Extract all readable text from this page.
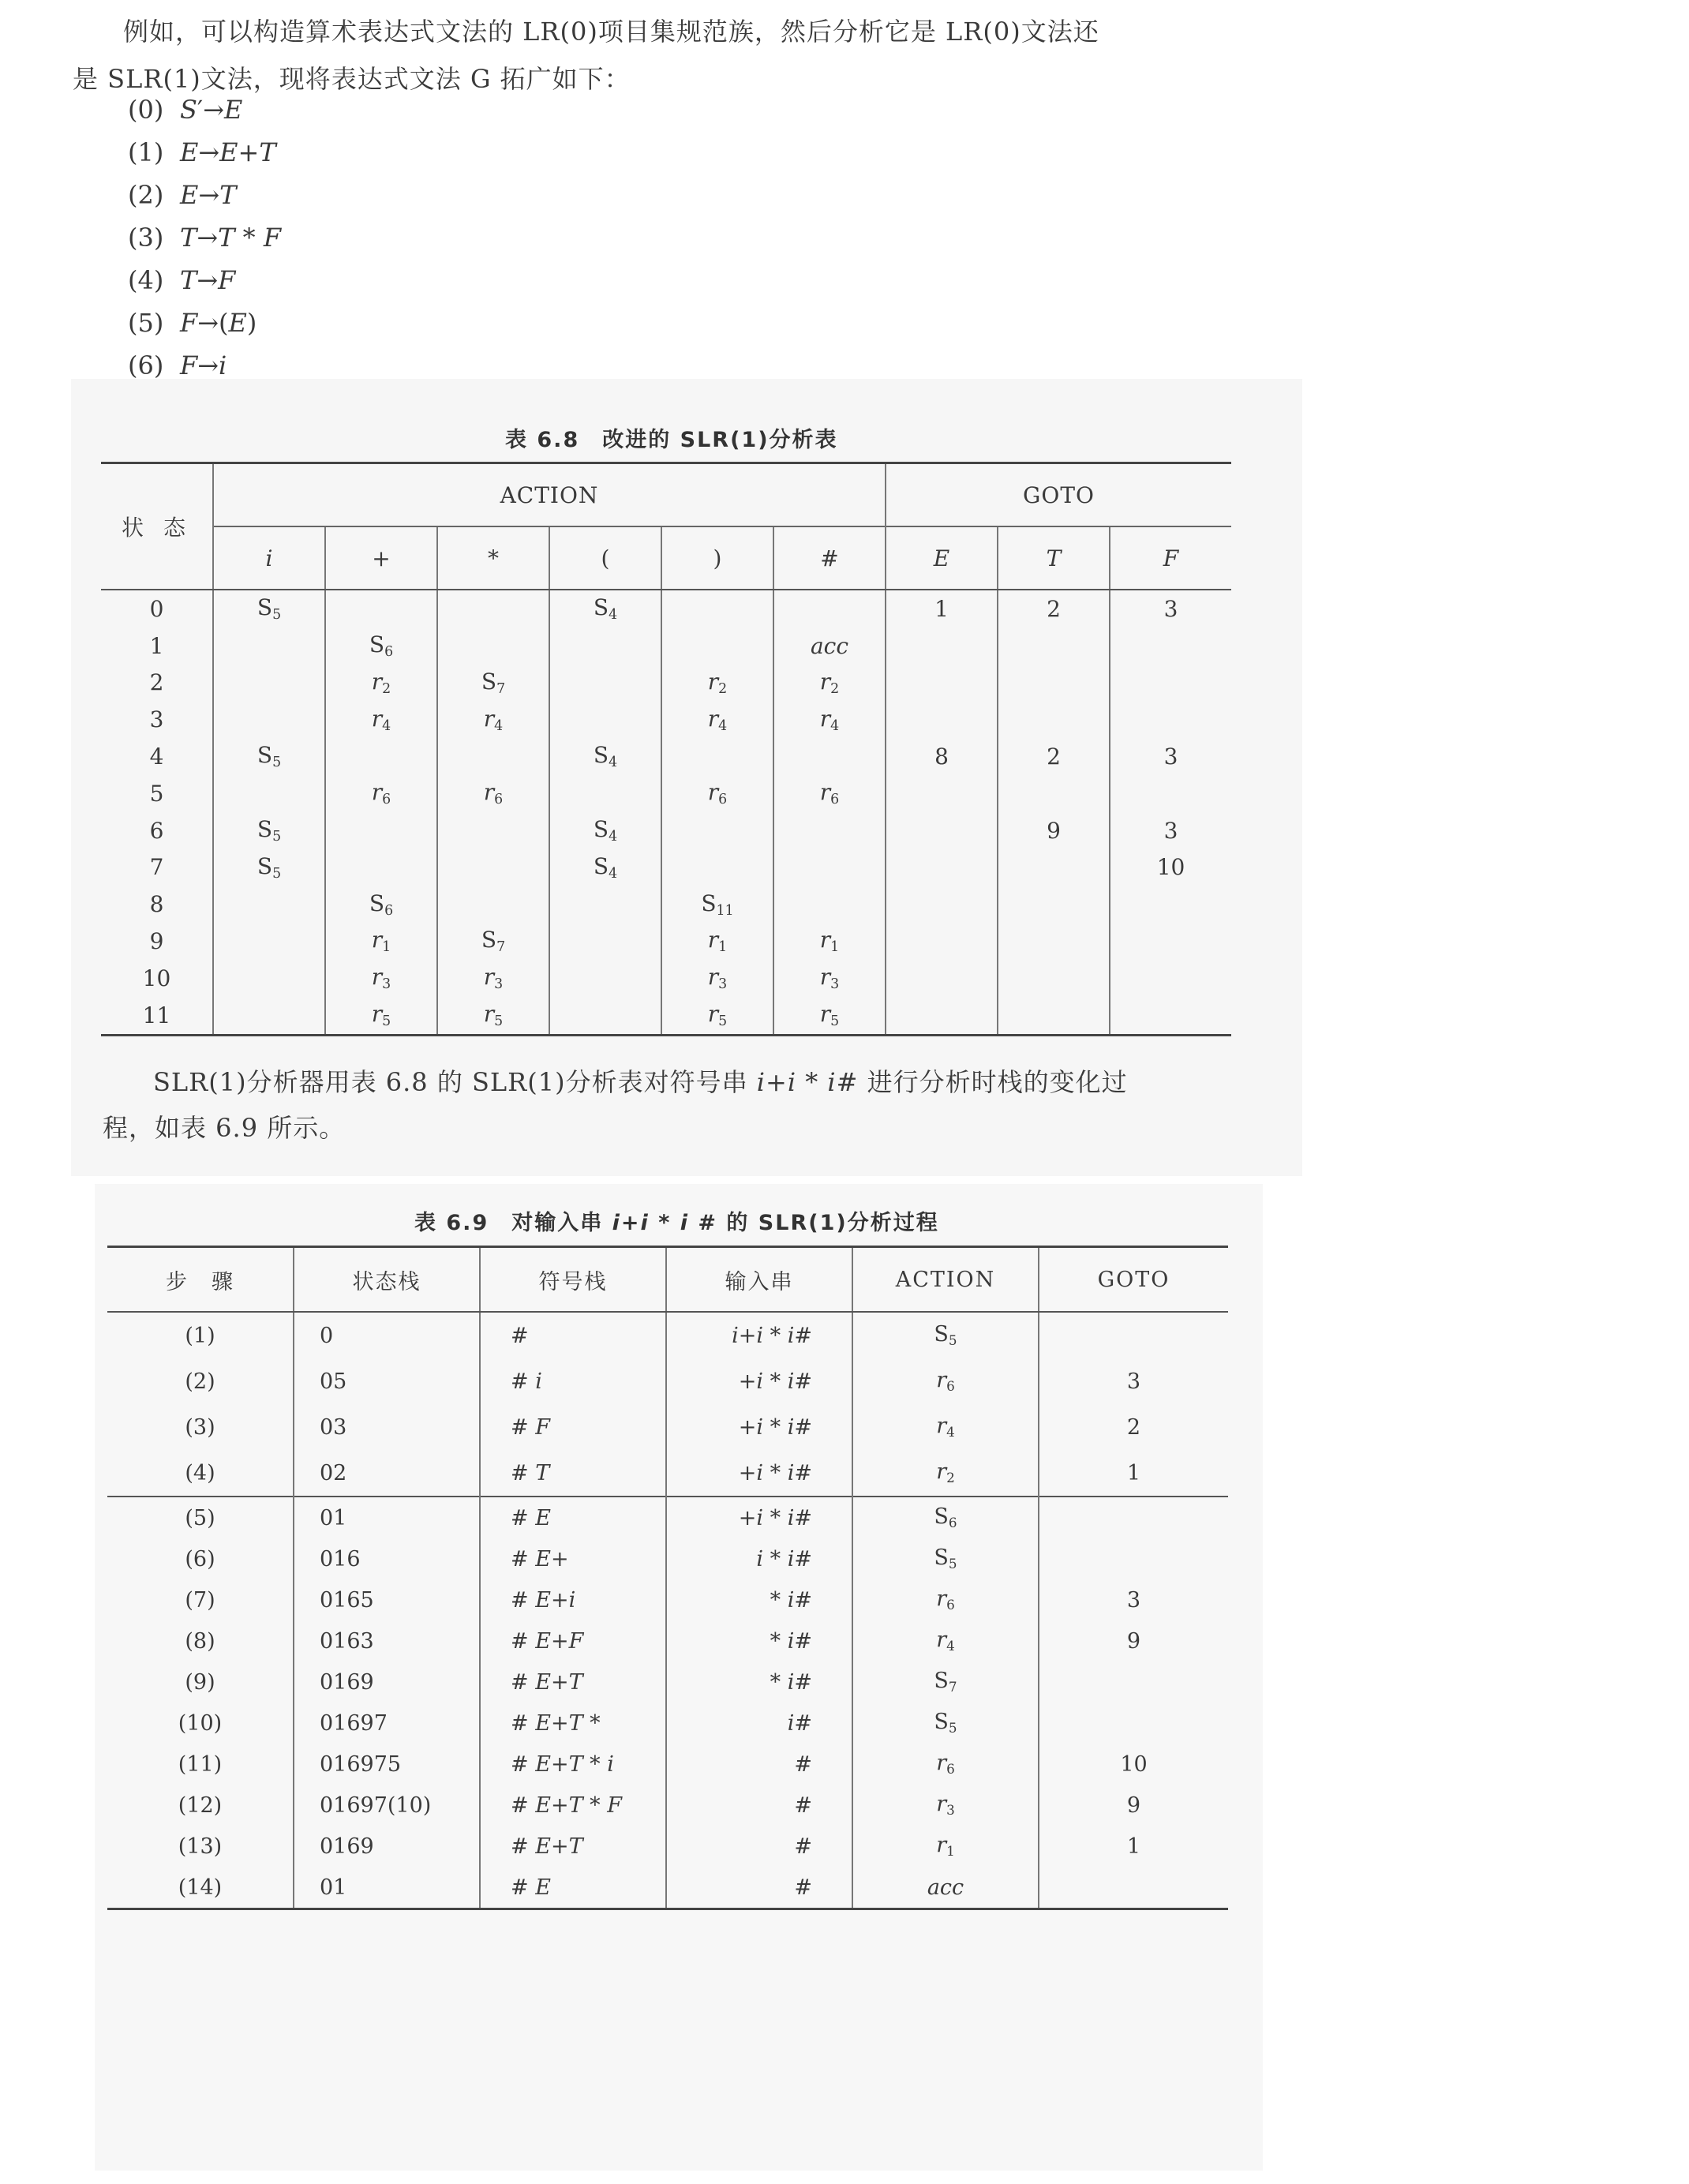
例如，可以构造算术表达式文法的 LR(0)项目集规范族，然后分析它是 LR(0)文法还

是 SLR(1)文法，现将表达式文法 G 拓广如下：

(0) S′→E
(1) E→E+T
(2) E→T
(3) T→T * F
(4) T→F
(5) F→(E)
(6) F→i
表 6.8　改进的 SLR(1)分析表
状 态	ACTION						GOTO		
	i	+	*	(	)	#	E	T	F
0	$S_5$			$S_4$			1	2	3
1		$S_6$				acc			
2		$r_2$	$S_7$		$r_2$	$r_2$			
3		$r_4$	$r_4$		$r_4$	$r_4$			
4	$S_5$			$S_4$			8	2	3
5		$r_6$	$r_6$		$r_6$	$r_6$			
6	$S_5$			$S_4$				9	3
7	$S_5$			$S_4$					10
8		$S_6$			$S_{11}$				
9		$r_1$	$S_7$		$r_1$	$r_1$			
10		$r_3$	$r_3$		$r_3$	$r_3$			
11		$r_5$	$r_5$		$r_5$	$r_5$			

SLR(1)分析器用表 6.8 的 SLR(1)分析表对符号串 i+i * i# 进行分析时栈的变化过

程，如表 6.9 所示。

表 6.9　对输入串 i+i * i # 的 SLR(1)分析过程
步　骤	状态栈	符号栈	输入串	ACTION	GOTO
(1)	0	#	i+i * i#	$S_5$	
(2)	05	# i	+i * i#	$r_6$	3
(3)	03	# F	+i * i#	$r_4$	2
(4)	02	# T	+i * i#	$r_2$	1
(5)	01	# E	+i * i#	$S_6$	
(6)	016	# E+	i * i#	$S_5$	
(7)	0165	# E+i	* i#	$r_6$	3
(8)	0163	# E+F	* i#	$r_4$	9
(9)	0169	# E+T	* i#	$S_7$	
(10)	01697	# E+T *	i#	$S_5$	
(11)	016975	# E+T * i	#	$r_6$	10
(12)	01697(10)	# E+T * F	#	$r_3$	9
(13)	0169	# E+T	#	$r_1$	1
(14)	01	# E	#	acc	
